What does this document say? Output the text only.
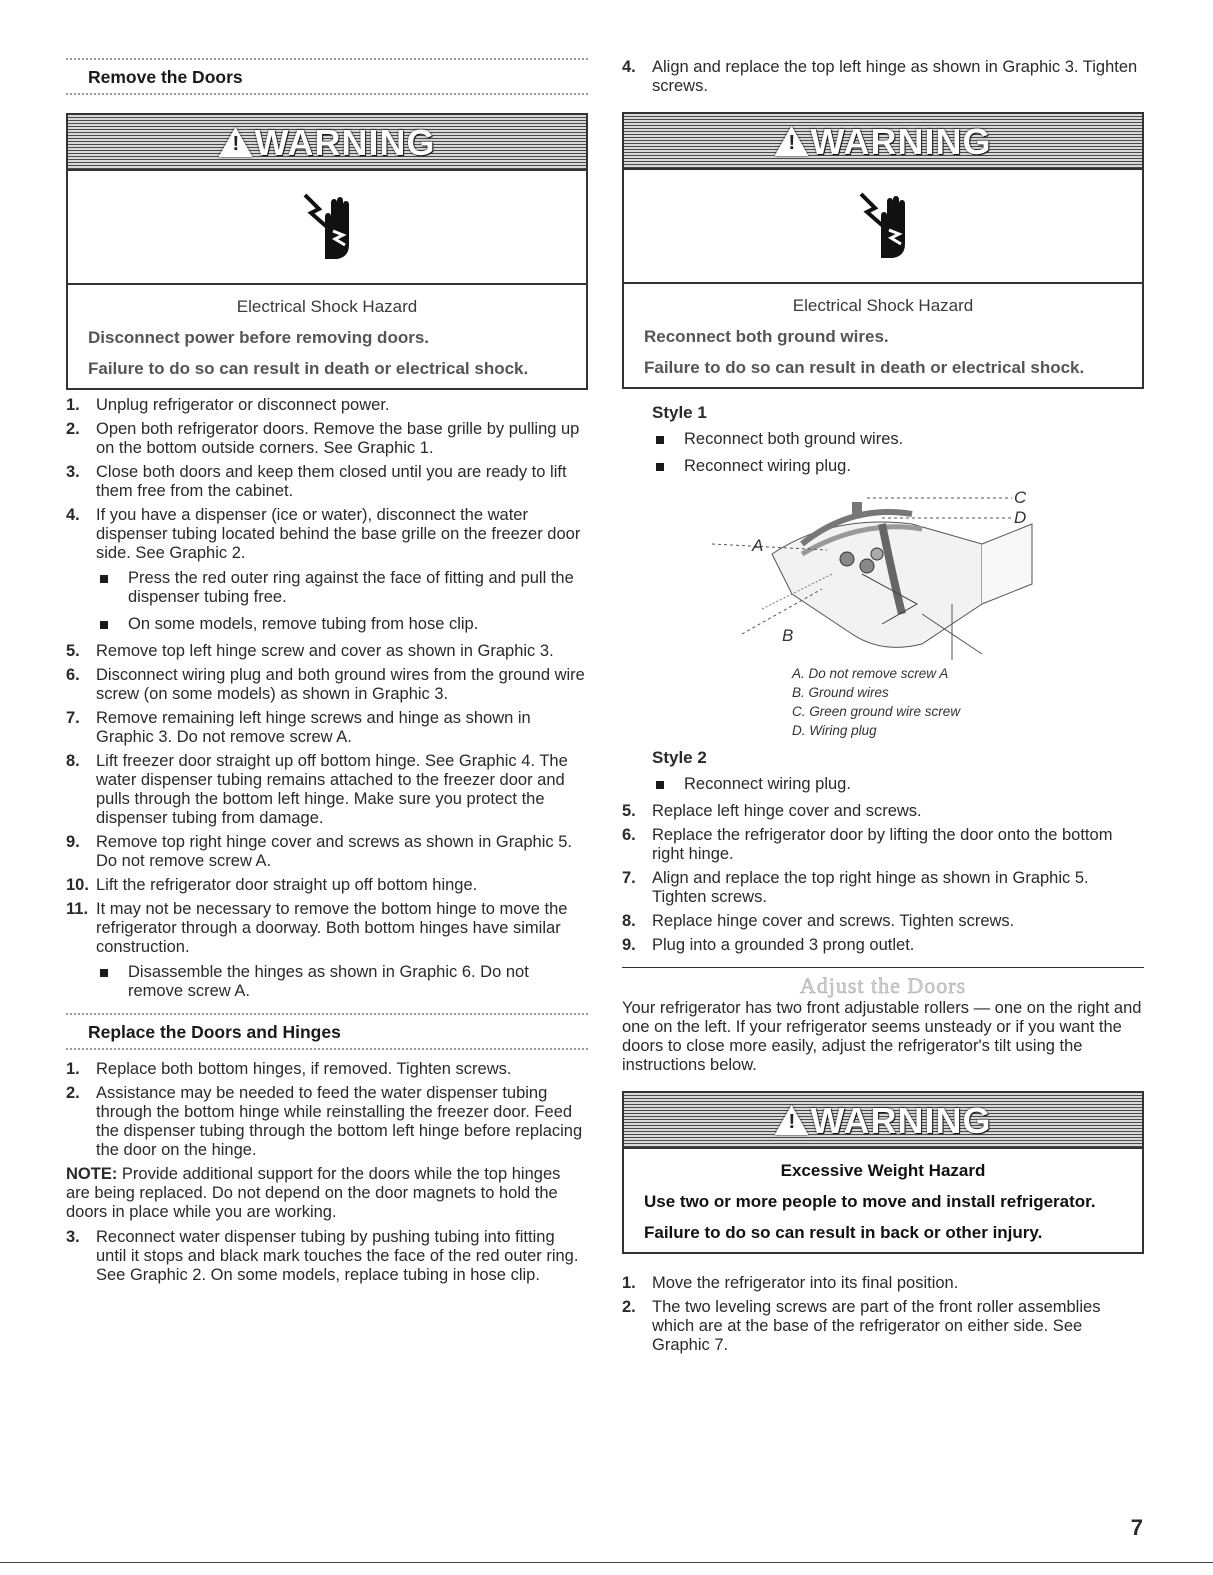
Remove the Doors
! WARNING
Electrical Shock Hazard
Disconnect power before removing doors.
Failure to do so can result in death or electrical shock.
1. Unplug refrigerator or disconnect power.
2. Open both refrigerator doors. Remove the base grille by pulling up on the bottom outside corners. See Graphic 1.
3. Close both doors and keep them closed until you are ready to lift them free from the cabinet.
4. If you have a dispenser (ice or water), disconnect the water dispenser tubing located behind the base grille on the freezer door side. See Graphic 2.
Press the red outer ring against the face of fitting and pull the dispenser tubing free.
On some models, remove tubing from hose clip.
5. Remove top left hinge screw and cover as shown in Graphic 3.
6. Disconnect wiring plug and both ground wires from the ground wire screw (on some models) as shown in Graphic 3.
7. Remove remaining left hinge screws and hinge as shown in Graphic 3. Do not remove screw A.
8. Lift freezer door straight up off bottom hinge. See Graphic 4. The water dispenser tubing remains attached to the freezer door and pulls through the bottom left hinge. Make sure you protect the dispenser tubing from damage.
9. Remove top right hinge cover and screws as shown in Graphic 5. Do not remove screw A.
10. Lift the refrigerator door straight up off bottom hinge.
11. It may not be necessary to remove the bottom hinge to move the refrigerator through a doorway. Both bottom hinges have similar construction.
Disassemble the hinges as shown in Graphic 6. Do not remove screw A.
Replace the Doors and Hinges
1. Replace both bottom hinges, if removed. Tighten screws.
2. Assistance may be needed to feed the water dispenser tubing through the bottom hinge while reinstalling the freezer door. Feed the dispenser tubing through the bottom left hinge before replacing the door on the hinge.
NOTE: Provide additional support for the doors while the top hinges are being replaced. Do not depend on the door magnets to hold the doors in place while you are working.
3. Reconnect water dispenser tubing by pushing tubing into fitting until it stops and black mark touches the face of the red outer ring. See Graphic 2. On some models, replace tubing in hose clip.
4. Align and replace the top left hinge as shown in Graphic 3. Tighten screws.
! WARNING
Electrical Shock Hazard
Reconnect both ground wires.
Failure to do so can result in death or electrical shock.
Style 1
Reconnect both ground wires.
Reconnect wiring plug.
A
B
C
D
A. Do not remove screw A
B. Ground wires
C. Green ground wire screw
D. Wiring plug
Style 2
Reconnect wiring plug.
5. Replace left hinge cover and screws.
6. Replace the refrigerator door by lifting the door onto the bottom right hinge.
7. Align and replace the top right hinge as shown in Graphic 5. Tighten screws.
8. Replace hinge cover and screws. Tighten screws.
9. Plug into a grounded 3 prong outlet.
Adjust the Doors
Your refrigerator has two front adjustable rollers — one on the right and one on the left. If your refrigerator seems unsteady or if you want the doors to close more easily, adjust the refrigerator's tilt using the instructions below.
! WARNING
Excessive Weight Hazard
Use two or more people to move and install refrigerator.
Failure to do so can result in back or other injury.
1. Move the refrigerator into its final position.
2. The two leveling screws are part of the front roller assemblies which are at the base of the refrigerator on either side. See Graphic 7.
7
